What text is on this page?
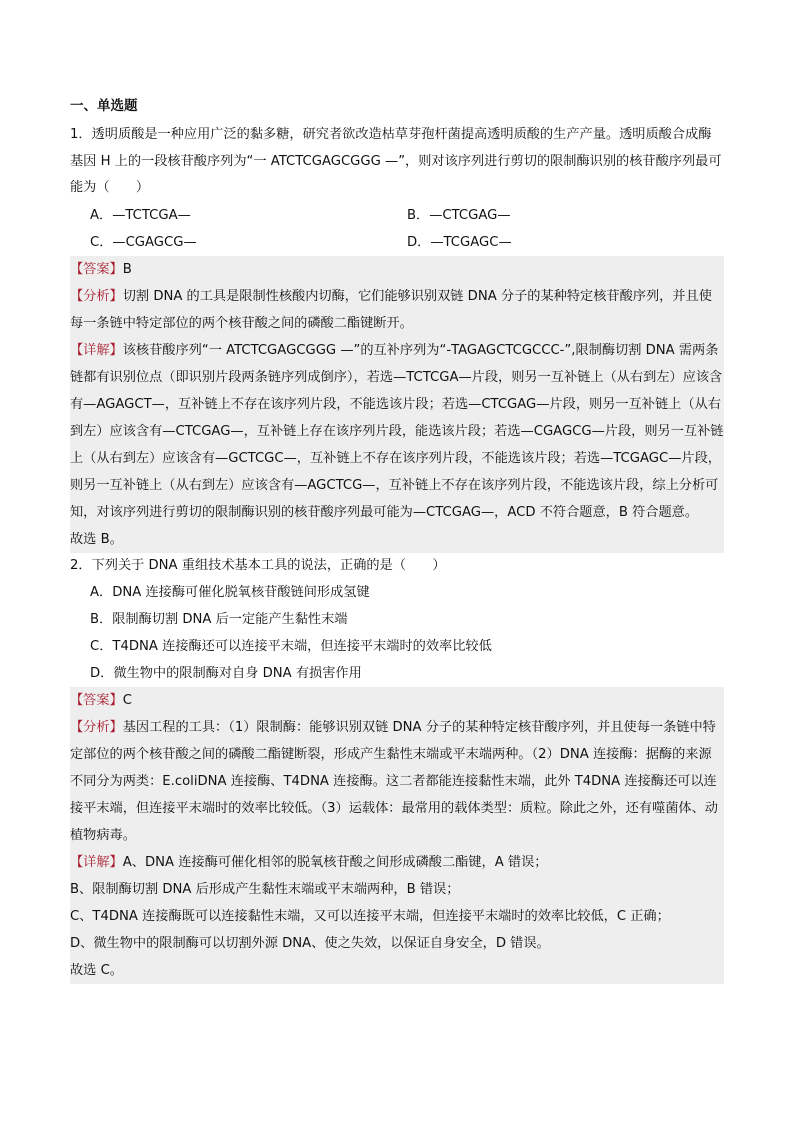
一、单选题
1．透明质酸是一种应用广泛的黏多糖，研究者欲改造枯草芽孢杆菌提高透明质酸的生产产量。透明质酸合成酶基因 H 上的一段核苷酸序列为“一 ATCTCGAGCGGG —”，则对该序列进行剪切的限制酶识别的核苷酸序列最可能为（　　）
A．—TCTCGA—	B．—CTCGAG—
C．—CGAGCG—	D．—TCGAGC—
【答案】B
【分析】切割 DNA 的工具是限制性核酸内切酶，它们能够识别双链 DNA 分子的某种特定核苷酸序列，并且使每一条链中特定部位的两个核苷酸之间的磷酸二酯键断开。
【详解】该核苷酸序列“一 ATCTCGAGCGGG —”的互补序列为“-TAGAGCTCGCCC-”,限制酶切割 DNA 需两条链都有识别位点（即识别片段两条链序列成倒序），若选—TCTCGA—片段，则另一互补链上（从右到左）应该含有—AGAGCT—，互补链上不存在该序列片段，不能选该片段；若选—CTCGAG—片段，则另一互补链上（从右到左）应该含有—CTCGAG—，互补链上存在该序列片段，能选该片段；若选—CGAGCG—片段，则另一互补链上（从右到左）应该含有—GCTCGC—，互补链上不存在该序列片段，不能选该片段；若选—TCGAGC—片段，则另一互补链上（从右到左）应该含有—AGCTCG—，互补链上不存在该序列片段，不能选该片段，综上分析可知，对该序列进行剪切的限制酶识别的核苷酸序列最可能为—CTCGAG—，ACD 不符合题意，B 符合题意。
故选 B。
2．下列关于 DNA 重组技术基本工具的说法，正确的是（　　）
A．DNA 连接酶可催化脱氧核苷酸链间形成氢键
B．限制酶切割 DNA 后一定能产生黏性末端
C．T4DNA 连接酶还可以连接平末端，但连接平末端时的效率比较低
D．微生物中的限制酶对自身 DNA 有损害作用
【答案】C
【分析】基因工程的工具：（1）限制酶：能够识别双链 DNA 分子的某种特定核苷酸序列，并且使每一条链中特定部位的两个核苷酸之间的磷酸二酯键断裂，形成产生黏性末端或平末端两种。（2）DNA 连接酶：据酶的来源不同分为两类：E.coliDNA 连接酶、T4DNA 连接酶。这二者都能连接黏性末端，此外 T4DNA 连接酶还可以连接平末端，但连接平末端时的效率比较低。（3）运载体：最常用的载体类型：质粒。除此之外，还有噬菌体、动植物病毒。
【详解】A、DNA 连接酶可催化相邻的脱氧核苷酸之间形成磷酸二酯键，A 错误；
B、限制酶切割 DNA 后形成产生黏性末端或平末端两种，B 错误；
C、T4DNA 连接酶既可以连接黏性末端，又可以连接平末端，但连接平末端时的效率比较低，C 正确；
D、微生物中的限制酶可以切割外源 DNA、使之失效，以保证自身安全，D 错误。
故选 C。
